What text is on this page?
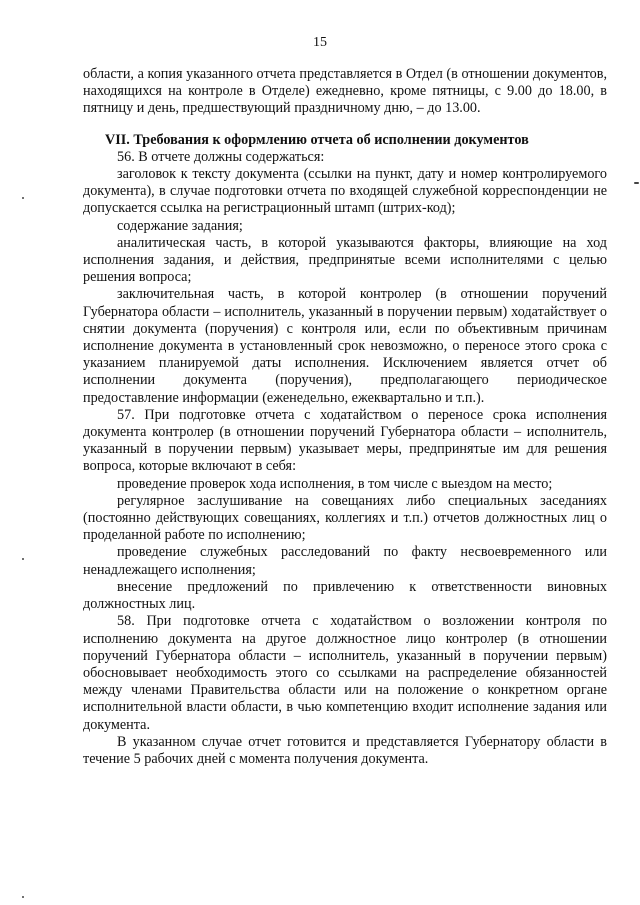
15

области, а копия указанного отчета представляется в Отдел (в отношении документов, находящихся на контроле в Отделе) ежедневно, кроме пятницы, с 9.00 до 18.00, в пятницу и день, предшествующий праздничному дню, – до 13.00.

VII. Требования к оформлению отчета об исполнении документов

56. В отчете должны содержаться:

заголовок к тексту документа (ссылки на пункт, дату и номер контролируемого документа), в случае подготовки отчета по входящей служебной корреспонденции не допускается ссылка на регистрационный штамп (штрих-код);

содержание задания;

аналитическая часть, в которой указываются факторы, влияющие на ход исполнения задания, и действия, предпринятые всеми исполнителями с целью решения вопроса;

заключительная часть, в которой контролер (в отношении поручений Губернатора области – исполнитель, указанный в поручении первым) ходатайствует о снятии документа (поручения) с контроля или, если по объективным причинам исполнение документа в установленный срок невозможно, о переносе этого срока с указанием планируемой даты исполнения. Исключением является отчет об исполнении документа (поручения), предполагающего периодическое предоставление информации (еженедельно, ежеквартально и т.п.).

57. При подготовке отчета с ходатайством о переносе срока исполнения документа контролер (в отношении поручений Губернатора области – исполнитель, указанный в поручении первым) указывает меры, предпринятые им для решения вопроса, которые включают в себя:

проведение проверок хода исполнения, в том числе с выездом на место;

регулярное заслушивание на совещаниях либо специальных заседаниях (постоянно действующих совещаниях, коллегиях и т.п.) отчетов должностных лиц о проделанной работе по исполнению;

проведение служебных расследований по факту несвоевременного или ненадлежащего исполнения;

внесение предложений по привлечению к ответственности виновных должностных лиц.

58. При подготовке отчета с ходатайством о возложении контроля по исполнению документа на другое должностное лицо контролер (в отношении поручений Губернатора области – исполнитель, указанный в поручении первым) обосновывает необходимость этого со ссылками на распределение обязанностей между членами Правительства области или на положение о конкретном органе исполнительной власти области, в чью компетенцию входит исполнение задания или документа.

В указанном случае отчет готовится и представляется Губернатору области в течение 5 рабочих дней с момента получения документа.
